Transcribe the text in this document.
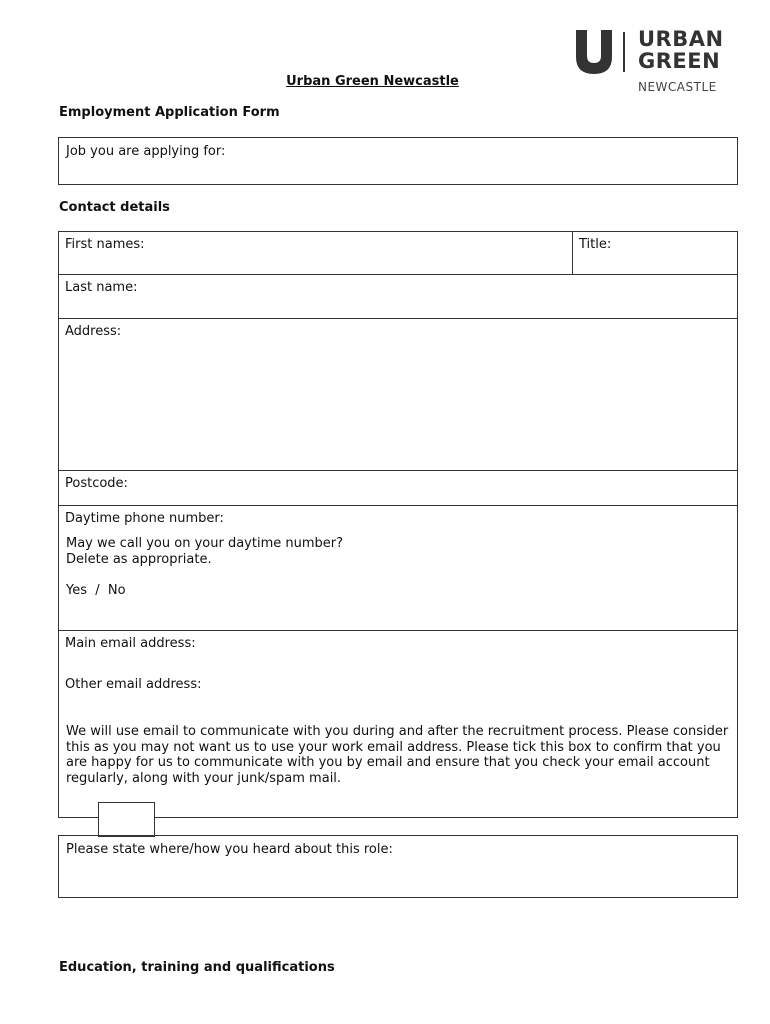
URBAN
GREEN
NEWCASTLE
Urban Green Newcastle
Employment Application Form
Job you are applying for:
Contact details
First names:	Title:
Last name:
Address:
Postcode:
Daytime phone number:
May we call you on your daytime number?
Delete as appropriate.
Yes  /  No
Main email address:
Other email address:
We will use email to communicate with you during and after the recruitment process. Please consider this as you may not want us to use your work email address. Please tick this box to confirm that you are happy for us to communicate with you by email and ensure that you check your email account regularly, along with your junk/spam mail.
Please state where/how you heard about this role:
Education, training and qualifications
